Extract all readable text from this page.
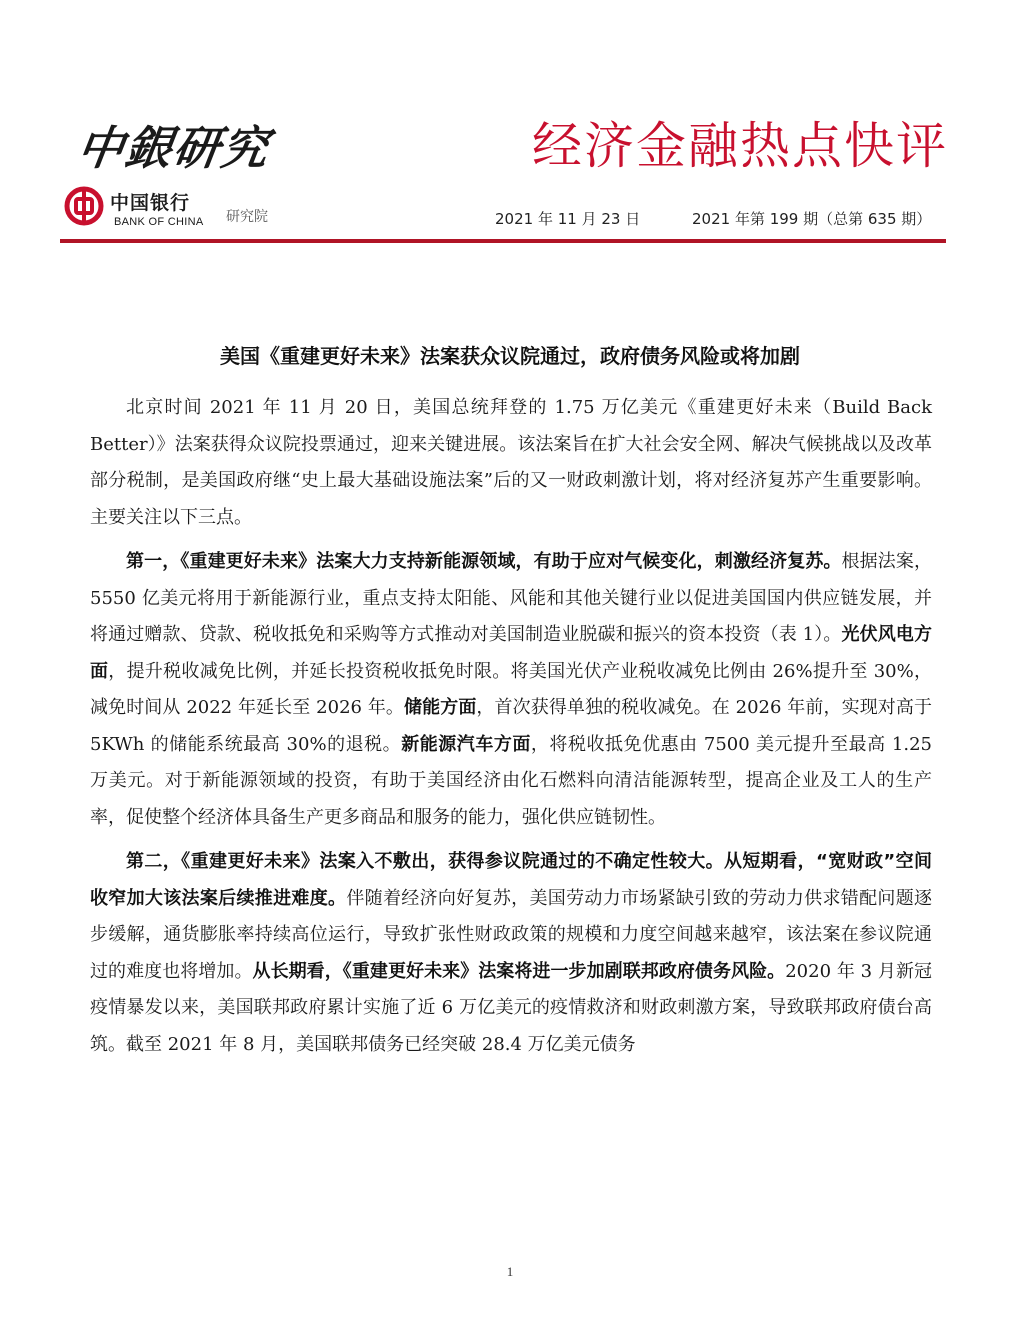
中銀研究
中国银行
BANK OF CHINA 研究院
经济金融热点快评
2021 年 11 月 23 日	2021 年第 199 期（总第 635 期）
美国《重建更好未来》法案获众议院通过，政府债务风险或将加剧

北京时间 2021 年 11 月 20 日，美国总统拜登的 1.75 万亿美元《重建更好未来（Build Back Better）》法案获得众议院投票通过，迎来关键进展。该法案旨在扩大社会安全网、解决气候挑战以及改革部分税制，是美国政府继“史上最大基础设施法案”后的又一财政刺激计划，将对经济复苏产生重要影响。主要关注以下三点。

第一，《重建更好未来》法案大力支持新能源领域，有助于应对气候变化，刺激经济复苏。根据法案，5550 亿美元将用于新能源行业，重点支持太阳能、风能和其他关键行业以促进美国国内供应链发展，并将通过赠款、贷款、税收抵免和采购等方式推动对美国制造业脱碳和振兴的资本投资（表 1）。光伏风电方面，提升税收减免比例，并延长投资税收抵免时限。将美国光伏产业税收减免比例由 26%提升至 30%，减免时间从 2022 年延长至 2026 年。储能方面，首次获得单独的税收减免。在 2026 年前，实现对高于 5KWh 的储能系统最高 30%的退税。新能源汽车方面，将税收抵免优惠由 7500 美元提升至最高 1.25 万美元。对于新能源领域的投资，有助于美国经济由化石燃料向清洁能源转型，提高企业及工人的生产率，促使整个经济体具备生产更多商品和服务的能力，强化供应链韧性。

第二，《重建更好未来》法案入不敷出，获得参议院通过的不确定性较大。从短期看，“宽财政”空间收窄加大该法案后续推进难度。伴随着经济向好复苏，美国劳动力市场紧缺引致的劳动力供求错配问题逐步缓解，通货膨胀率持续高位运行，导致扩张性财政政策的规模和力度空间越来越窄，该法案在参议院通过的难度也将增加。从长期看，《重建更好未来》法案将进一步加剧联邦政府债务风险。2020 年 3 月新冠疫情暴发以来，美国联邦政府累计实施了近 6 万亿美元的疫情救济和财政刺激方案，导致联邦政府债台高筑。截至 2021 年 8 月，美国联邦债务已经突破 28.4 万亿美元债务

1
